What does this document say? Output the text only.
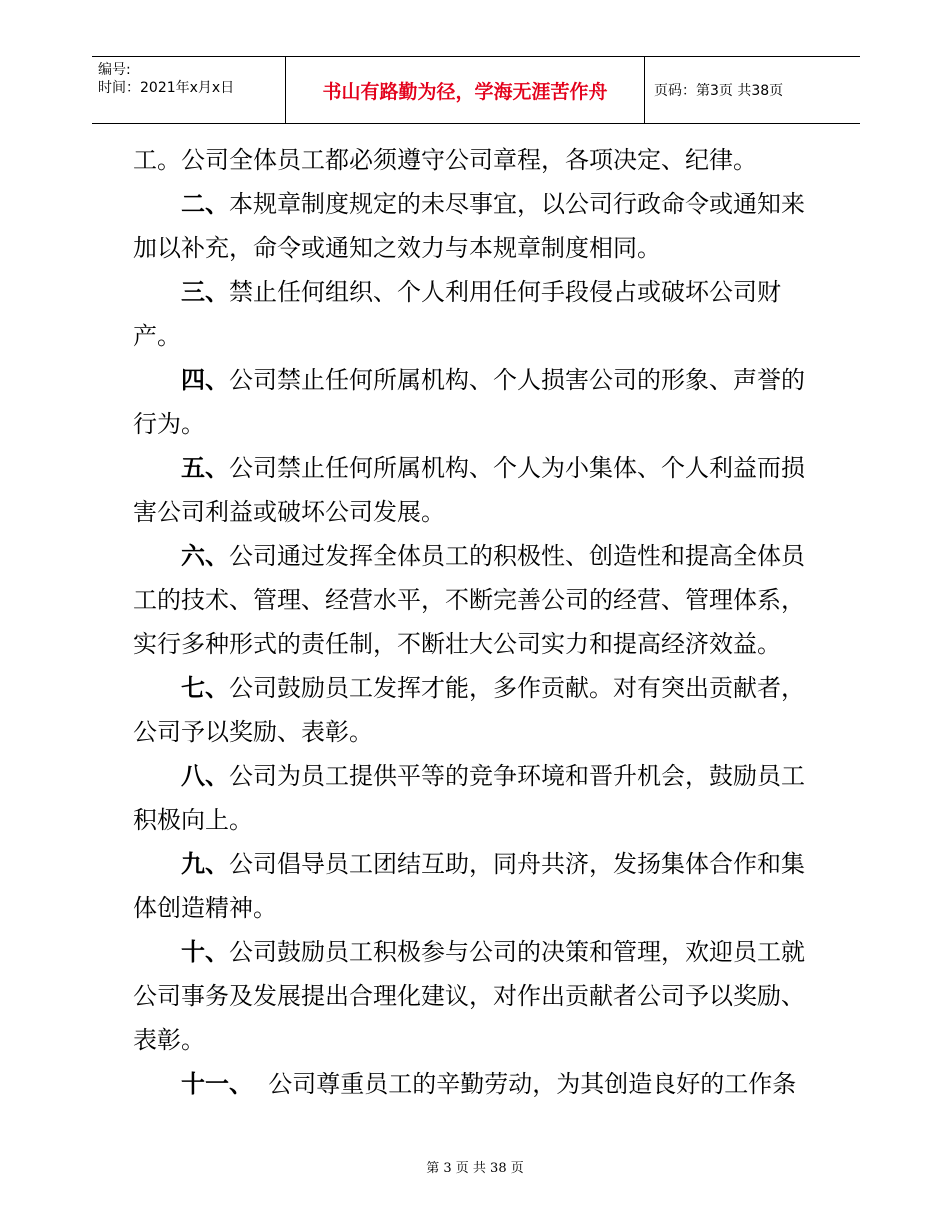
编号:
时间：2021年x月x日	书山有路勤为径，学海无涯苦作舟	页码：第3页 共38页

工。公司全体员工都必须遵守公司章程，各项决定、纪律。

二、本规章制度规定的未尽事宜，以公司行政命令或通知来加以补充，命令或通知之效力与本规章制度相同。

三、禁止任何组织、个人利用任何手段侵占或破坏公司财产。

四、公司禁止任何所属机构、个人损害公司的形象、声誉的行为。

五、公司禁止任何所属机构、个人为小集体、个人利益而损害公司利益或破坏公司发展。

六、公司通过发挥全体员工的积极性、创造性和提高全体员工的技术、管理、经营水平，不断完善公司的经营、管理体系，实行多种形式的责任制，不断壮大公司实力和提高经济效益。

七、公司鼓励员工发挥才能，多作贡献。对有突出贡献者，公司予以奖励、表彰。

八、公司为员工提供平等的竞争环境和晋升机会，鼓励员工积极向上。

九、公司倡导员工团结互助，同舟共济，发扬集体合作和集体创造精神。

十、公司鼓励员工积极参与公司的决策和管理，欢迎员工就公司事务及发展提出合理化建议，对作出贡献者公司予以奖励、表彰。

十一、  公司尊重员工的辛勤劳动，为其创造良好的工作条

第 3 页 共 38 页
